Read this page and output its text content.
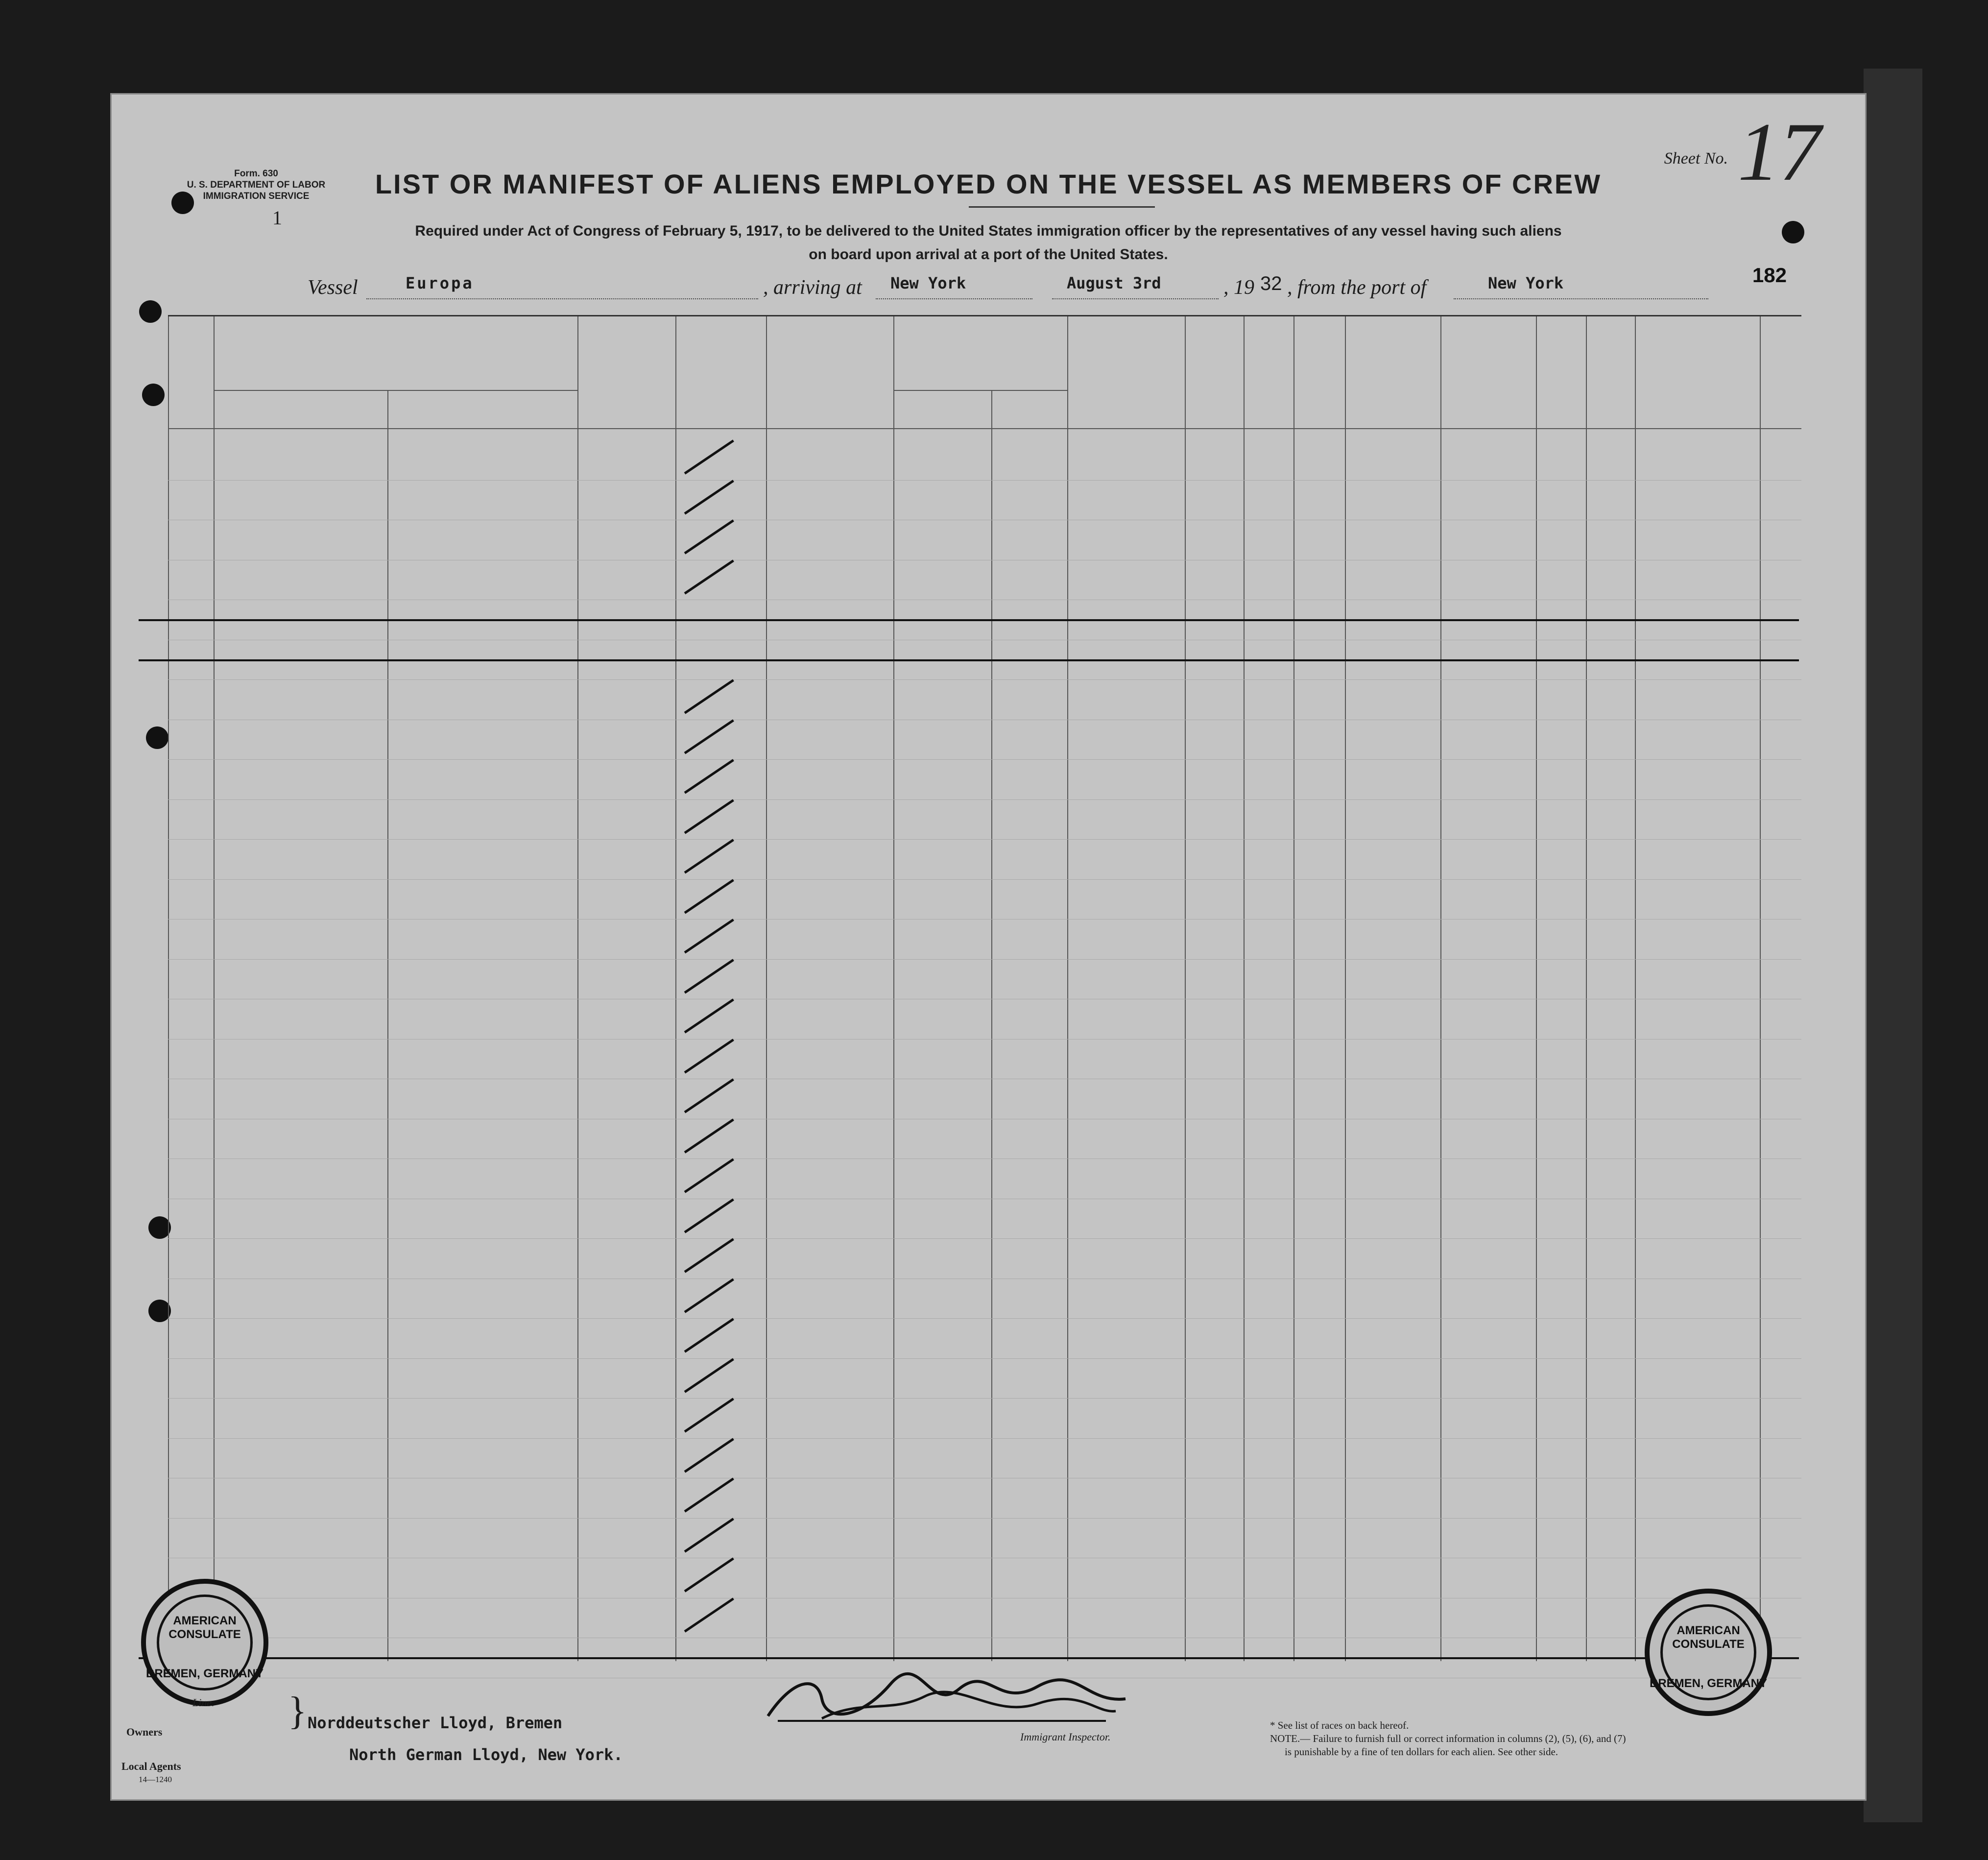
Form. 630
U. S. DEPARTMENT OF LABOR
IMMIGRATION SERVICE
1
Sheet No. 17
182
LIST OR MANIFEST OF ALIENS EMPLOYED ON THE VESSEL AS MEMBERS OF CREW
Required under Act of Congress of February 5, 1917, to be delivered to the United States immigration officer by the representatives of any vessel having such aliens
on board upon arrival at a port of the United States.
Vessel	Europa	, arriving at New York	August 3rd	, 19 32 , from the port of	New York
AMERICAN CONSULATE
BREMEN, GERMANY
AMERICAN CONSULATE
BREMEN, GERMANY
Line.
Owners
Local Agents
14—1240
} Norddeutscher Lloyd, Bremen
North German Lloyd, New York.
Immigrant Inspector.
* See list of races on back hereof.
NOTE.— Failure to furnish full or correct information in columns (2), (5), (6), and (7)
is punishable by a fine of ten dollars for each alien. See other side.
